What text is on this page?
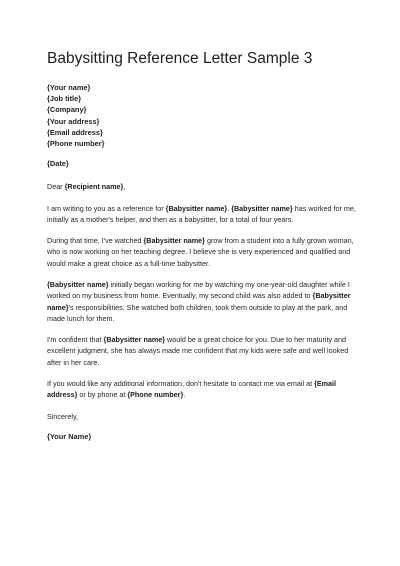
Babysitting Reference Letter Sample 3
{Your name}
{Job title}
{Company}
{Your address}
{Email address}
{Phone number}
{Date}

Dear {Recipient name},

I am writing to you as a reference for {Babysitter name}. {Babysitter name} has worked for me, initially as a mother's helper, and then as a babysitter, for a total of four years.

During that time, I've watched {Babysitter name} grow from a student into a fully grown woman, who is now working on her teaching degree. I believe she is very experienced and qualified and would make a great choice as a full-time babysitter.

{Babysitter name} initially began working for me by watching my one-year-old daughter while I worked on my business from home. Eventually, my second child was also added to {Babysitter name}'s responsibilities. She watched both children, took them outside to play at the park, and made lunch for them.

I'm confident that {Babysitter name} would be a great choice for you. Due to her maturity and excellent judgment, she has always made me confident that my kids were safe and well looked after in her care.

If you would like any additional information, don't hesitate to contact me via email at {Email address} or by phone at {Phone number}.

Sincerely,

{Your Name}
